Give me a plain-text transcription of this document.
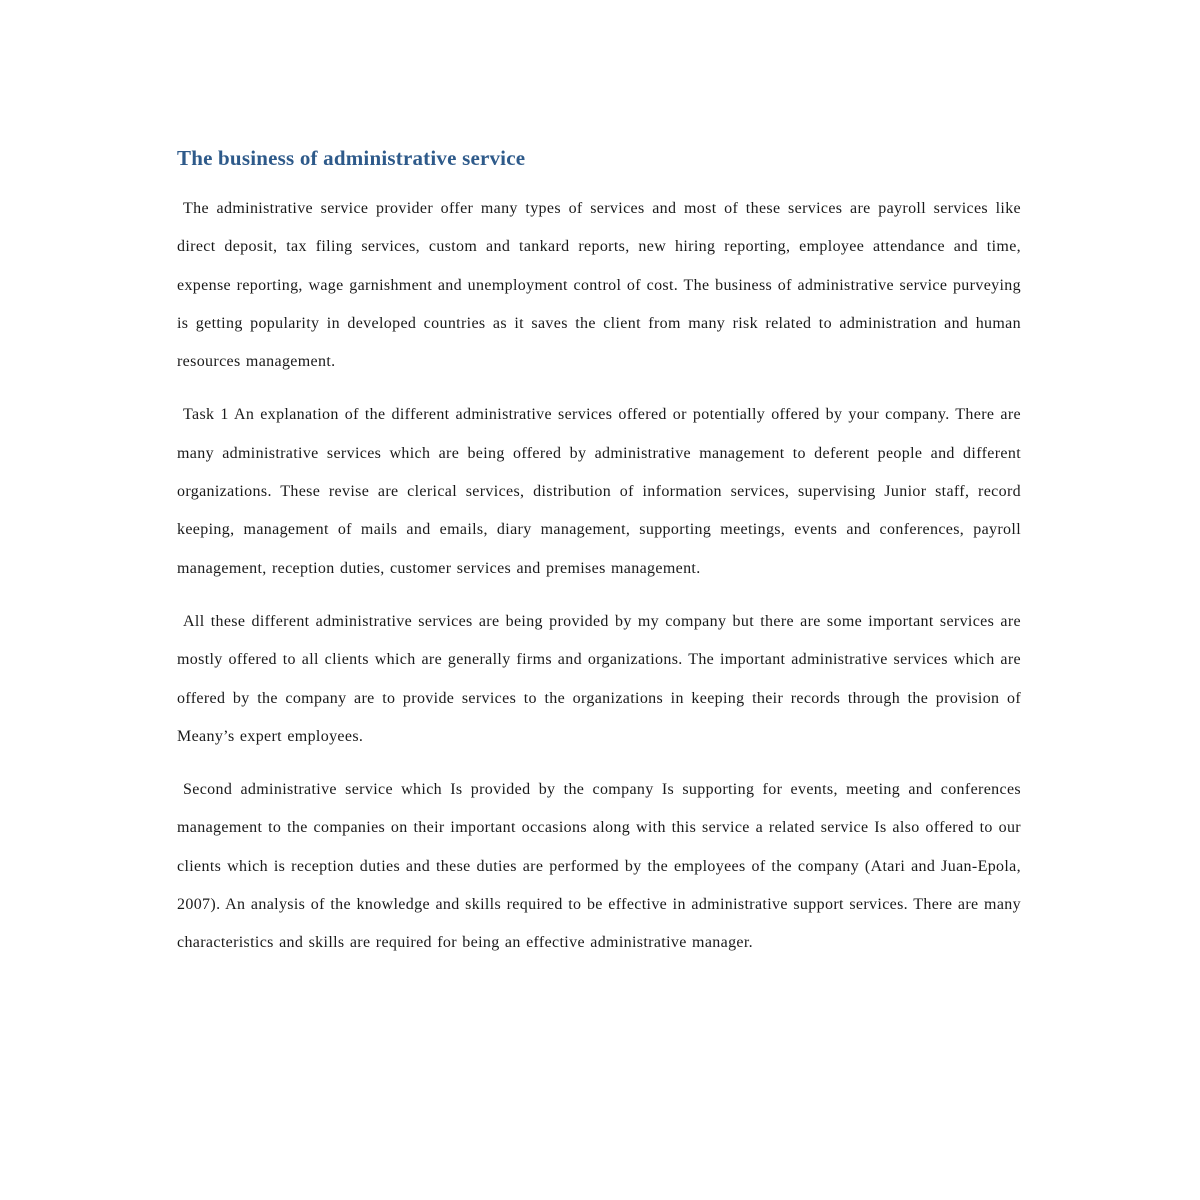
The business of administrative service

The administrative service provider offer many types of services and most of these services are payroll services like direct deposit, tax filing services, custom and tankard reports, new hiring reporting, employee attendance and time, expense reporting, wage garnishment and unemployment control of cost. The business of administrative service purveying is getting popularity in developed countries as it saves the client from many risk related to administration and human resources management.

Task 1 An explanation of the different administrative services offered or potentially offered by your company. There are many administrative services which are being offered by administrative management to deferent people and different organizations. These revise are clerical services, distribution of information services, supervising Junior staff, record keeping, management of mails and emails, diary management, supporting meetings, events and conferences, payroll management, reception duties, customer services and premises management.

All these different administrative services are being provided by my company but there are some important services are mostly offered to all clients which are generally firms and organizations. The important administrative services which are offered by the company are to provide services to the organizations in keeping their records through the provision of Meany’s expert employees.

Second administrative service which Is provided by the company Is supporting for events, meeting and conferences management to the companies on their important occasions along with this service a related service Is also offered to our clients which is reception duties and these duties are performed by the employees of the company (Atari and Juan-Epola, 2007). An analysis of the knowledge and skills required to be effective in administrative support services. There are many characteristics and skills are required for being an effective administrative manager.
